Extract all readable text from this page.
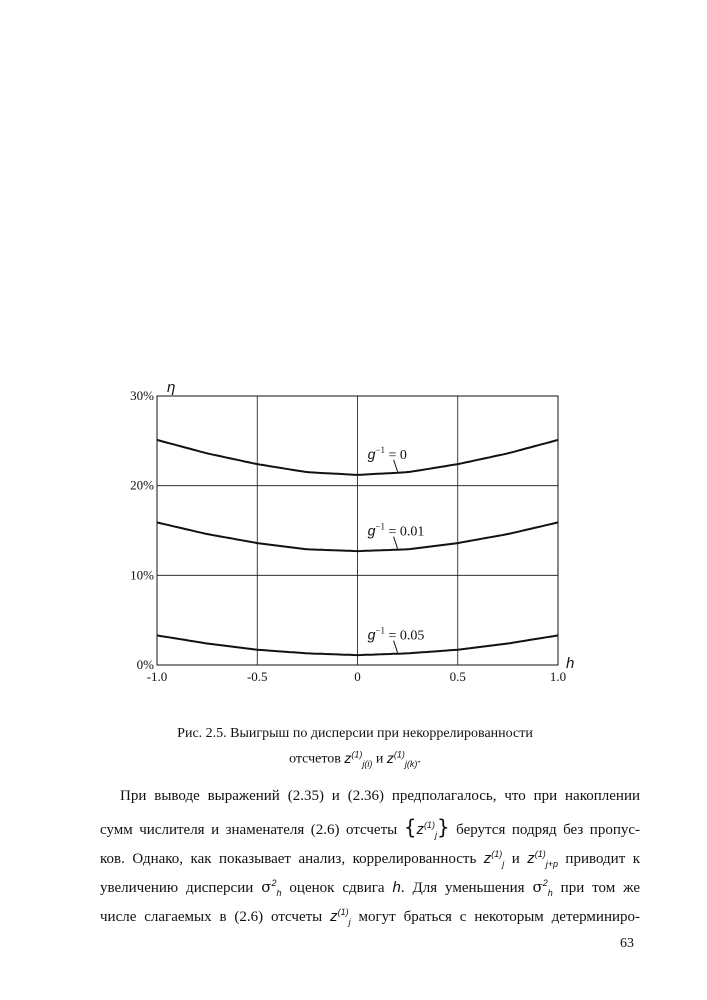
$g^{-1} = 0$
$g^{-1} = 0.01$
$g^{-1} = 0.05$
-1.0	-0.5	0	0.5	1.0
0%
10%
20%
30% η
h
Рис. 2.5. Выигрыш по дисперсии при некоррелированности
отсчетов $z^{(1)}_{j(i)}$ и $z^{(1)}_{j(k)}$.
При выводе выражений (2.35) и (2.36) предполагалось, что при накоплении
сумм числителя и знаменателя (2.6) отсчеты $\{z^{(1)}_j\}$ берутся подряд без пропус-
ков. Однако, как показывает анализ, коррелированность $z^{(1)}_j$ и $z^{(1)}_{j+p}$ приводит к
увеличению дисперсии $\sigma^2_h$ оценок сдвига h. Для уменьшения $\sigma^2_h$ при том же
числе слагаемых в (2.6) отсчеты $z^{(1)}_j$ могут браться с некоторым детерминиро-
63
